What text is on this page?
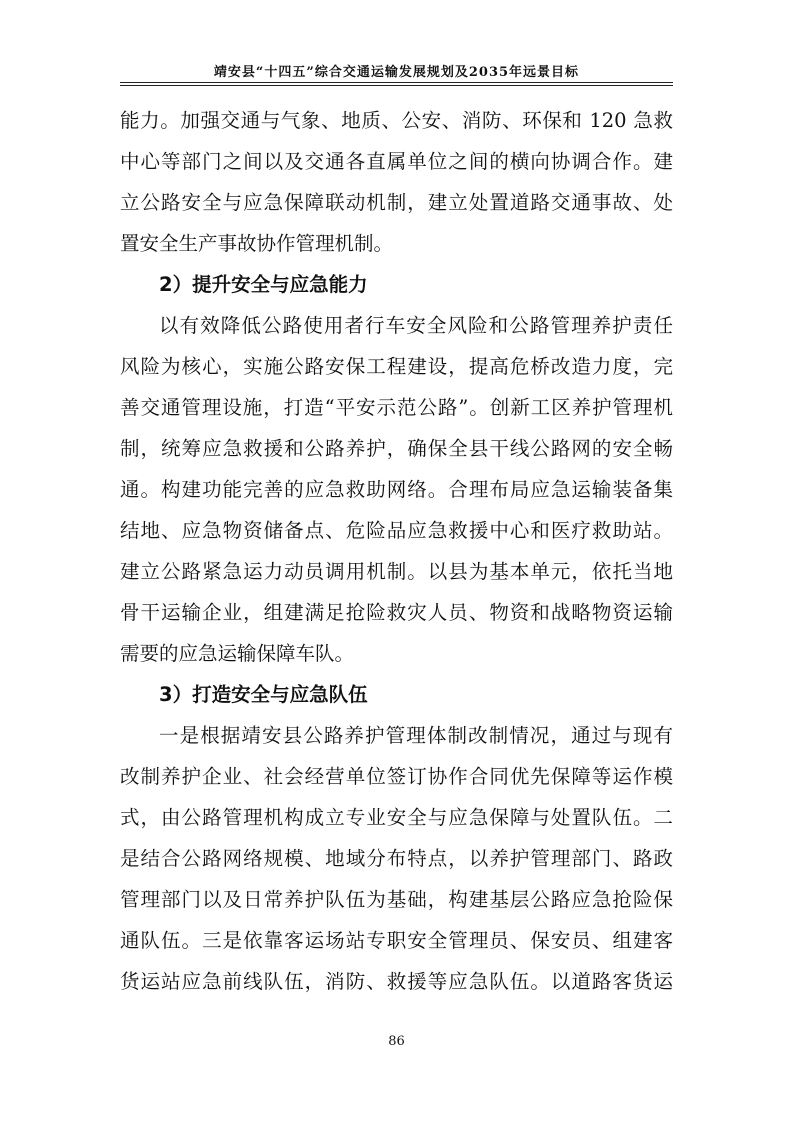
靖安县“十四五”综合交通运输发展规划及2035年远景目标
能力。加强交通与气象、地质、公安、消防、环保和 120 急救
中心等部门之间以及交通各直属单位之间的横向协调合作。建
立公路安全与应急保障联动机制，建立处置道路交通事故、处
置安全生产事故协作管理机制。
2）提升安全与应急能力
以有效降低公路使用者行车安全风险和公路管理养护责任
风险为核心，实施公路安保工程建设，提高危桥改造力度，完
善交通管理设施，打造“平安示范公路”。创新工区养护管理机
制，统筹应急救援和公路养护，确保全县干线公路网的安全畅
通。构建功能完善的应急救助网络。合理布局应急运输装备集
结地、应急物资储备点、危险品应急救援中心和医疗救助站。
建立公路紧急运力动员调用机制。以县为基本单元，依托当地
骨干运输企业，组建满足抢险救灾人员、物资和战略物资运输
需要的应急运输保障车队。
3）打造安全与应急队伍
一是根据靖安县公路养护管理体制改制情况，通过与现有
改制养护企业、社会经营单位签订协作合同优先保障等运作模
式，由公路管理机构成立专业安全与应急保障与处置队伍。二
是结合公路网络规模、地域分布特点，以养护管理部门、路政
管理部门以及日常养护队伍为基础，构建基层公路应急抢险保
通队伍。三是依靠客运场站专职安全管理员、保安员、组建客
货运站应急前线队伍，消防、救援等应急队伍。以道路客货运
86
